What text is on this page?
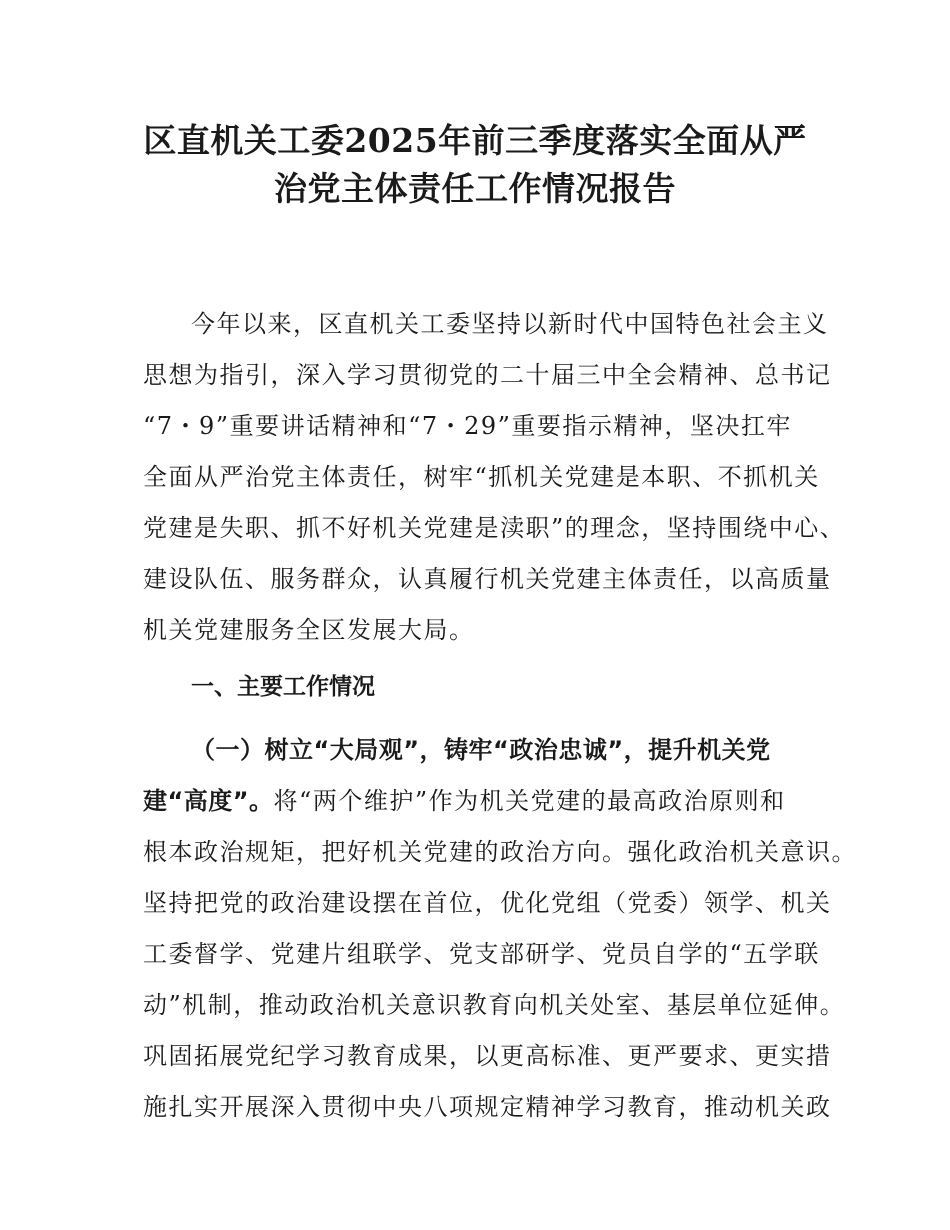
区直机关工委2025年前三季度落实全面从严
治党主体责任工作情况报告
今年以来，区直机关工委坚持以新时代中国特色社会主义
思想为指引，深入学习贯彻党的二十届三中全会精神、总书记
“7・9”重要讲话精神和“7・29”重要指示精神，坚决扛牢
全面从严治党主体责任，树牢“抓机关党建是本职、不抓机关
党建是失职、抓不好机关党建是渎职”的理念，坚持围绕中心、
建设队伍、服务群众，认真履行机关党建主体责任，以高质量
机关党建服务全区发展大局。
一、主要工作情况
（一）树立“大局观”，铸牢“政治忠诚”，提升机关党
建“高度”。将“两个维护”作为机关党建的最高政治原则和
根本政治规矩，把好机关党建的政治方向。强化政治机关意识。
坚持把党的政治建设摆在首位，优化党组（党委）领学、机关
工委督学、党建片组联学、党支部研学、党员自学的“五学联
动”机制，推动政治机关意识教育向机关处室、基层单位延伸。
巩固拓展党纪学习教育成果，以更高标准、更严要求、更实措
施扎实开展深入贯彻中央八项规定精神学习教育，推动机关政
